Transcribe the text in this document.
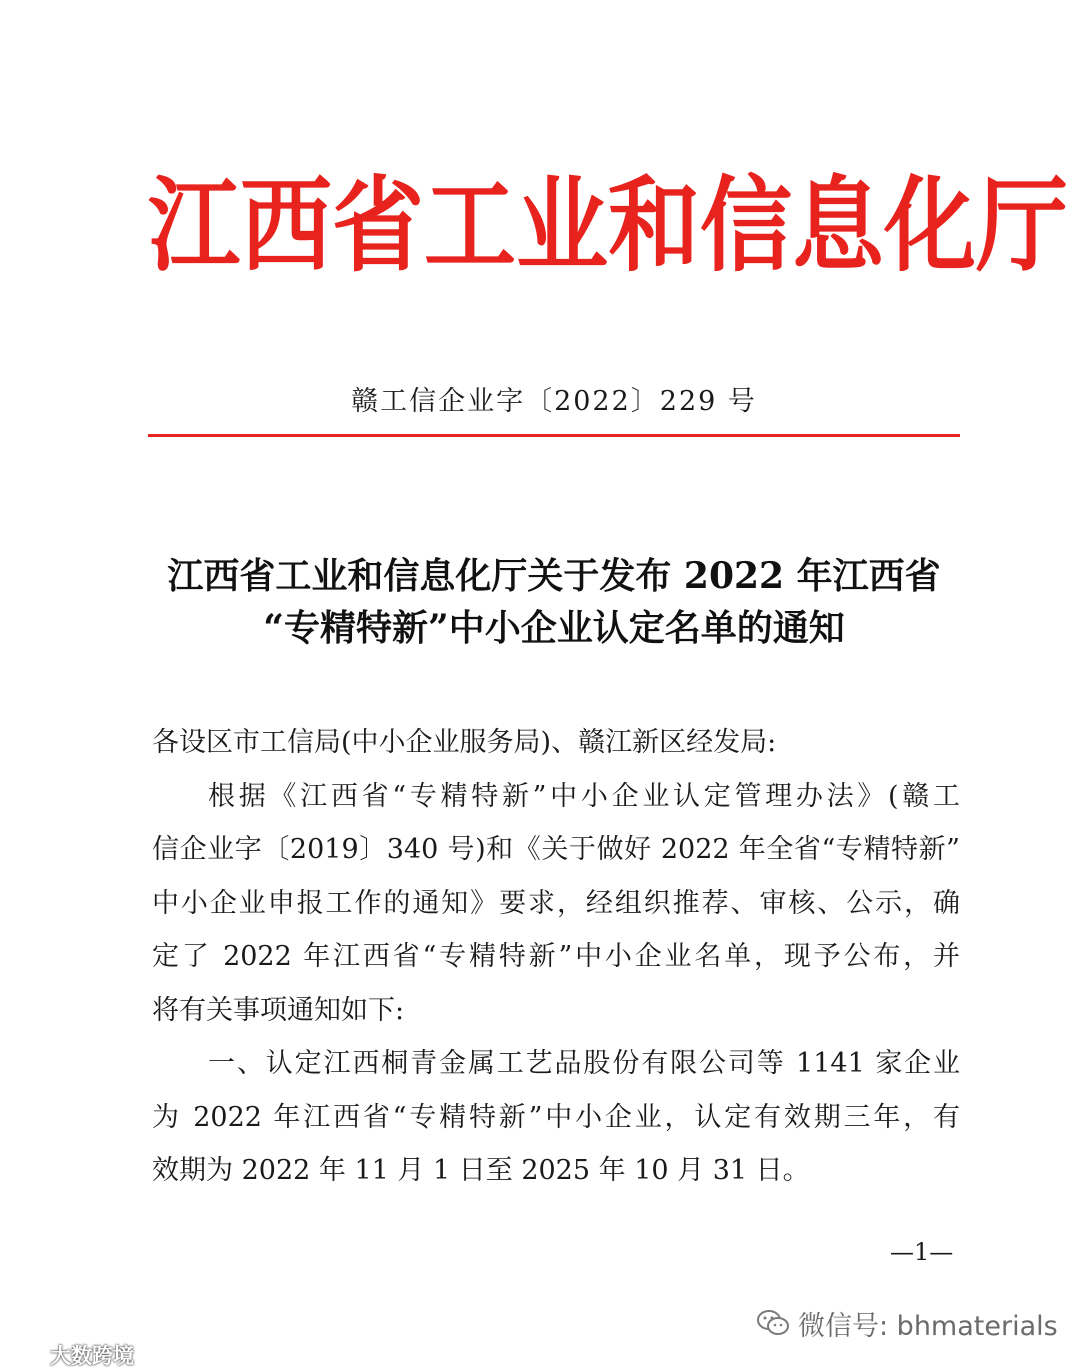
江西省工业和信息化厅
赣工信企业字〔2022〕229 号
江西省工业和信息化厅关于发布 2022 年江西省
“专精特新”中小企业认定名单的通知
各设区市工信局(中小企业服务局)、赣江新区经发局:
根据《江西省“专精特新”中小企业认定管理办法》(赣工
信企业字〔2019〕340 号)和《关于做好 2022 年全省“专精特新”
中小企业申报工作的通知》要求，经组织推荐、审核、公示，确
定了 2022 年江西省“专精特新”中小企业名单，现予公布，并
将有关事项通知如下:
一、认定江西桐青金属工艺品股份有限公司等 1141 家企业
为 2022 年江西省“专精特新”中小企业，认定有效期三年，有
效期为 2022 年 11 月 1 日至 2025 年 10 月 31 日。
—1—
微信号: bhmaterials
大数跨境
